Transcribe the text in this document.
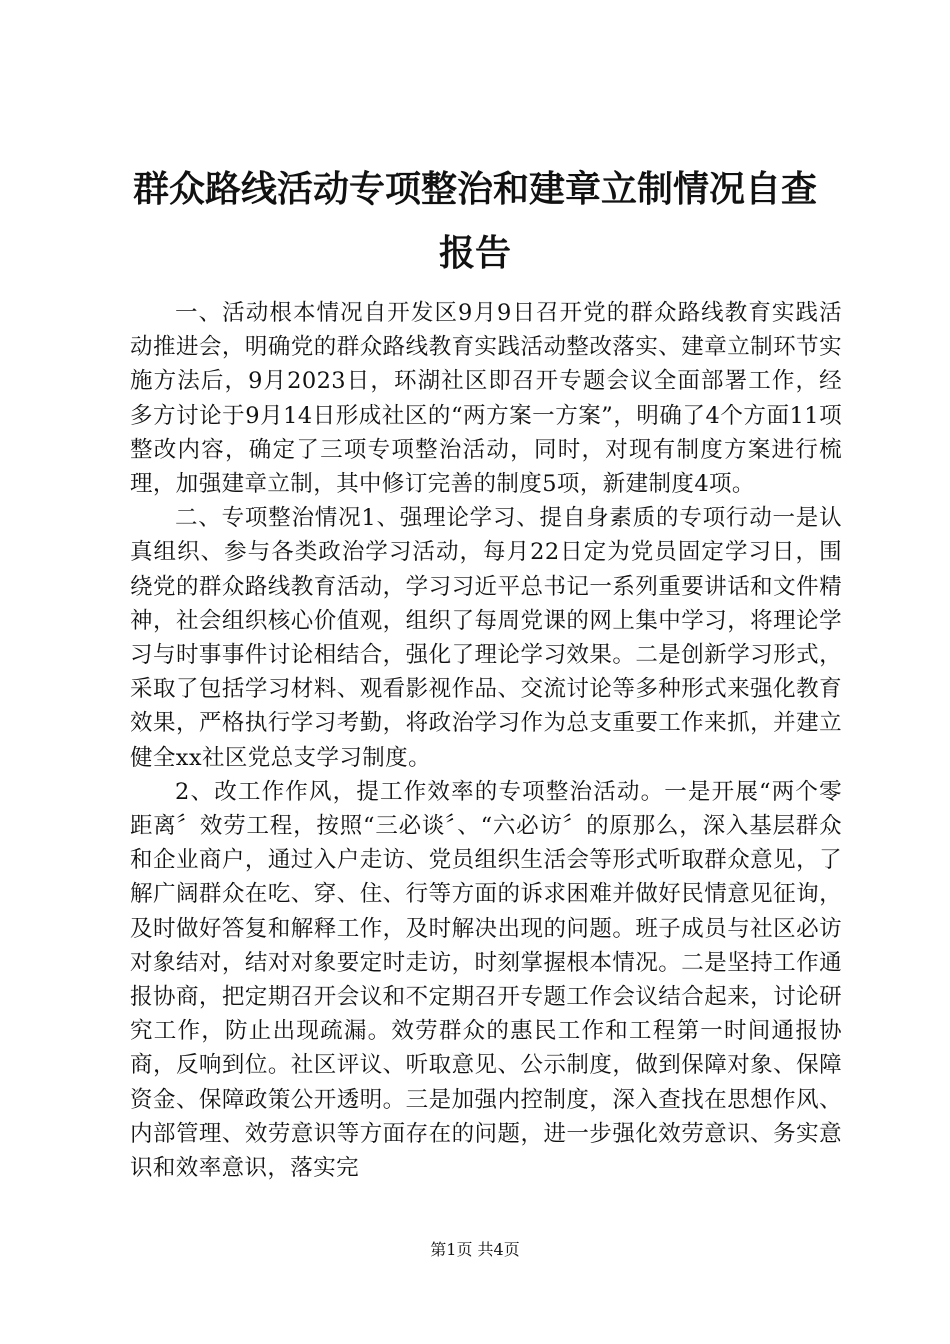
群众路线活动专项整治和建章立制情况自查报告

一、活动根本情况自开发区9月9日召开党的群众路线教育实践活动推进会，明确党的群众路线教育实践活动整改落实、建章立制环节实施方法后，9月2023日，环湖社区即召开专题会议全面部署工作，经多方讨论于9月14日形成社区的“两方案一方案”，明确了4个方面11项整改内容，确定了三项专项整治活动，同时，对现有制度方案进行梳理，加强建章立制，其中修订完善的制度5项，新建制度4项。

二、专项整治情况1、强理论学习、提自身素质的专项行动一是认真组织、参与各类政治学习活动，每月22日定为党员固定学习日，围绕党的群众路线教育活动，学习习近平总书记一系列重要讲话和文件精神，社会组织核心价值观，组织了每周党课的网上集中学习，将理论学习与时事事件讨论相结合，强化了理论学习效果。二是创新学习形式，采取了包括学习材料、观看影视作品、交流讨论等多种形式来强化教育效果，严格执行学习考勤，将政治学习作为总支重要工作来抓，并建立健全xx社区党总支学习制度。

2、改工作作风，提工作效率的专项整治活动。一是开展“两个零距离〞效劳工程，按照“三必谈〞、“六必访〞的原那么，深入基层群众和企业商户，通过入户走访、党员组织生活会等形式听取群众意见，了解广阔群众在吃、穿、住、行等方面的诉求困难并做好民情意见征询，及时做好答复和解释工作，及时解决出现的问题。班子成员与社区必访对象结对，结对对象要定时走访，时刻掌握根本情况。二是坚持工作通报协商，把定期召开会议和不定期召开专题工作会议结合起来，讨论研究工作，防止出现疏漏。效劳群众的惠民工作和工程第一时间通报协商，反响到位。社区评议、听取意见、公示制度，做到保障对象、保障资金、保障政策公开透明。三是加强内控制度，深入查找在思想作风、内部管理、效劳意识等方面存在的问题，进一步强化效劳意识、务实意识和效率意识，落实完

第1页 共4页
